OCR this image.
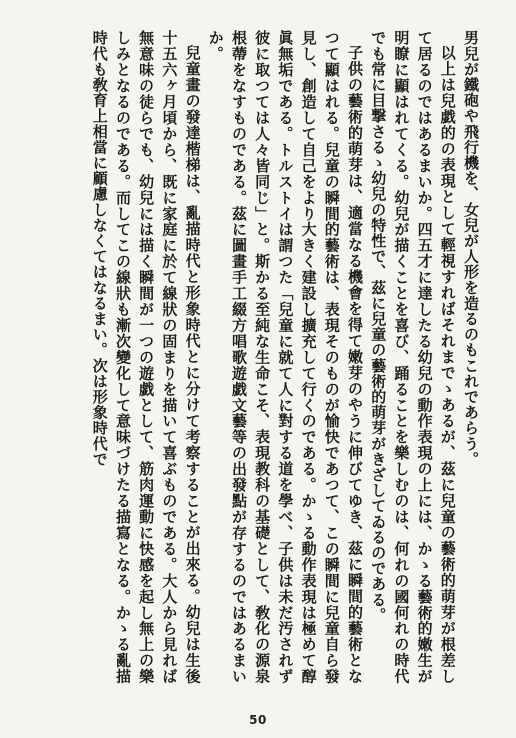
男兒が鐵砲や飛行機を、女兒が人形を造るのもこれであらう。

以上は兒戯的の表現として輕視すればそれまでゝあるが、茲に兒童の藝術的萌芽が根差して居るのではあるまいか。四五才に達したる幼兒の動作表現の上には、かゝる藝術的嫩生が明瞭に顯はれてくる。幼兒が描くことを喜び、踊ることを樂しむのは、何れの國何れの時代でも常に目撃さるゝ幼兒の特性で、茲に兒童の藝術的萌芽がきざしてゐるのである。

子供の藝術的萌芽は、適當なる機會を得て嫩芽のやうに伸びてゆき、茲に瞬間的藝術となつて顯はれる。兒童の瞬間的藝術は、表現そのものが愉快であつて、この瞬間に兒童自ら發見し、創造して自己をより大きく建設し擴充して行くのである。かゝる動作表現は極めて醇眞無垢である。トルストイは謂つた「兒童に就て人に對する道を學べ、子供は未だ汚されず彼に取つては人々皆同じ」と。斯かる至純な生命こそ、表現教科の基礎として、敎化の源泉根蔕をなすものである。茲に圖畫手工綴方唱歌遊戯文藝等の出發點が存するのではあるまいか。

兒童畫の發達楷梯は、亂描時代と形象時代とに分けて考察することが出來る。幼兒は生後十五六ヶ月頃から、既に家庭に於て線狀の固まりを描いて喜ぶものである。大人から見れば無意味の徒らでも、幼兒には描く瞬間が一つの遊戯として、筋肉運動に快感を起し無上の樂しみとなるのである。而してこの線狀も漸次變化して意味づけたる描寫となる。かゝる亂描時代も敎育上相當に顧慮しなくてはなるまい。次は形象時代で

50
